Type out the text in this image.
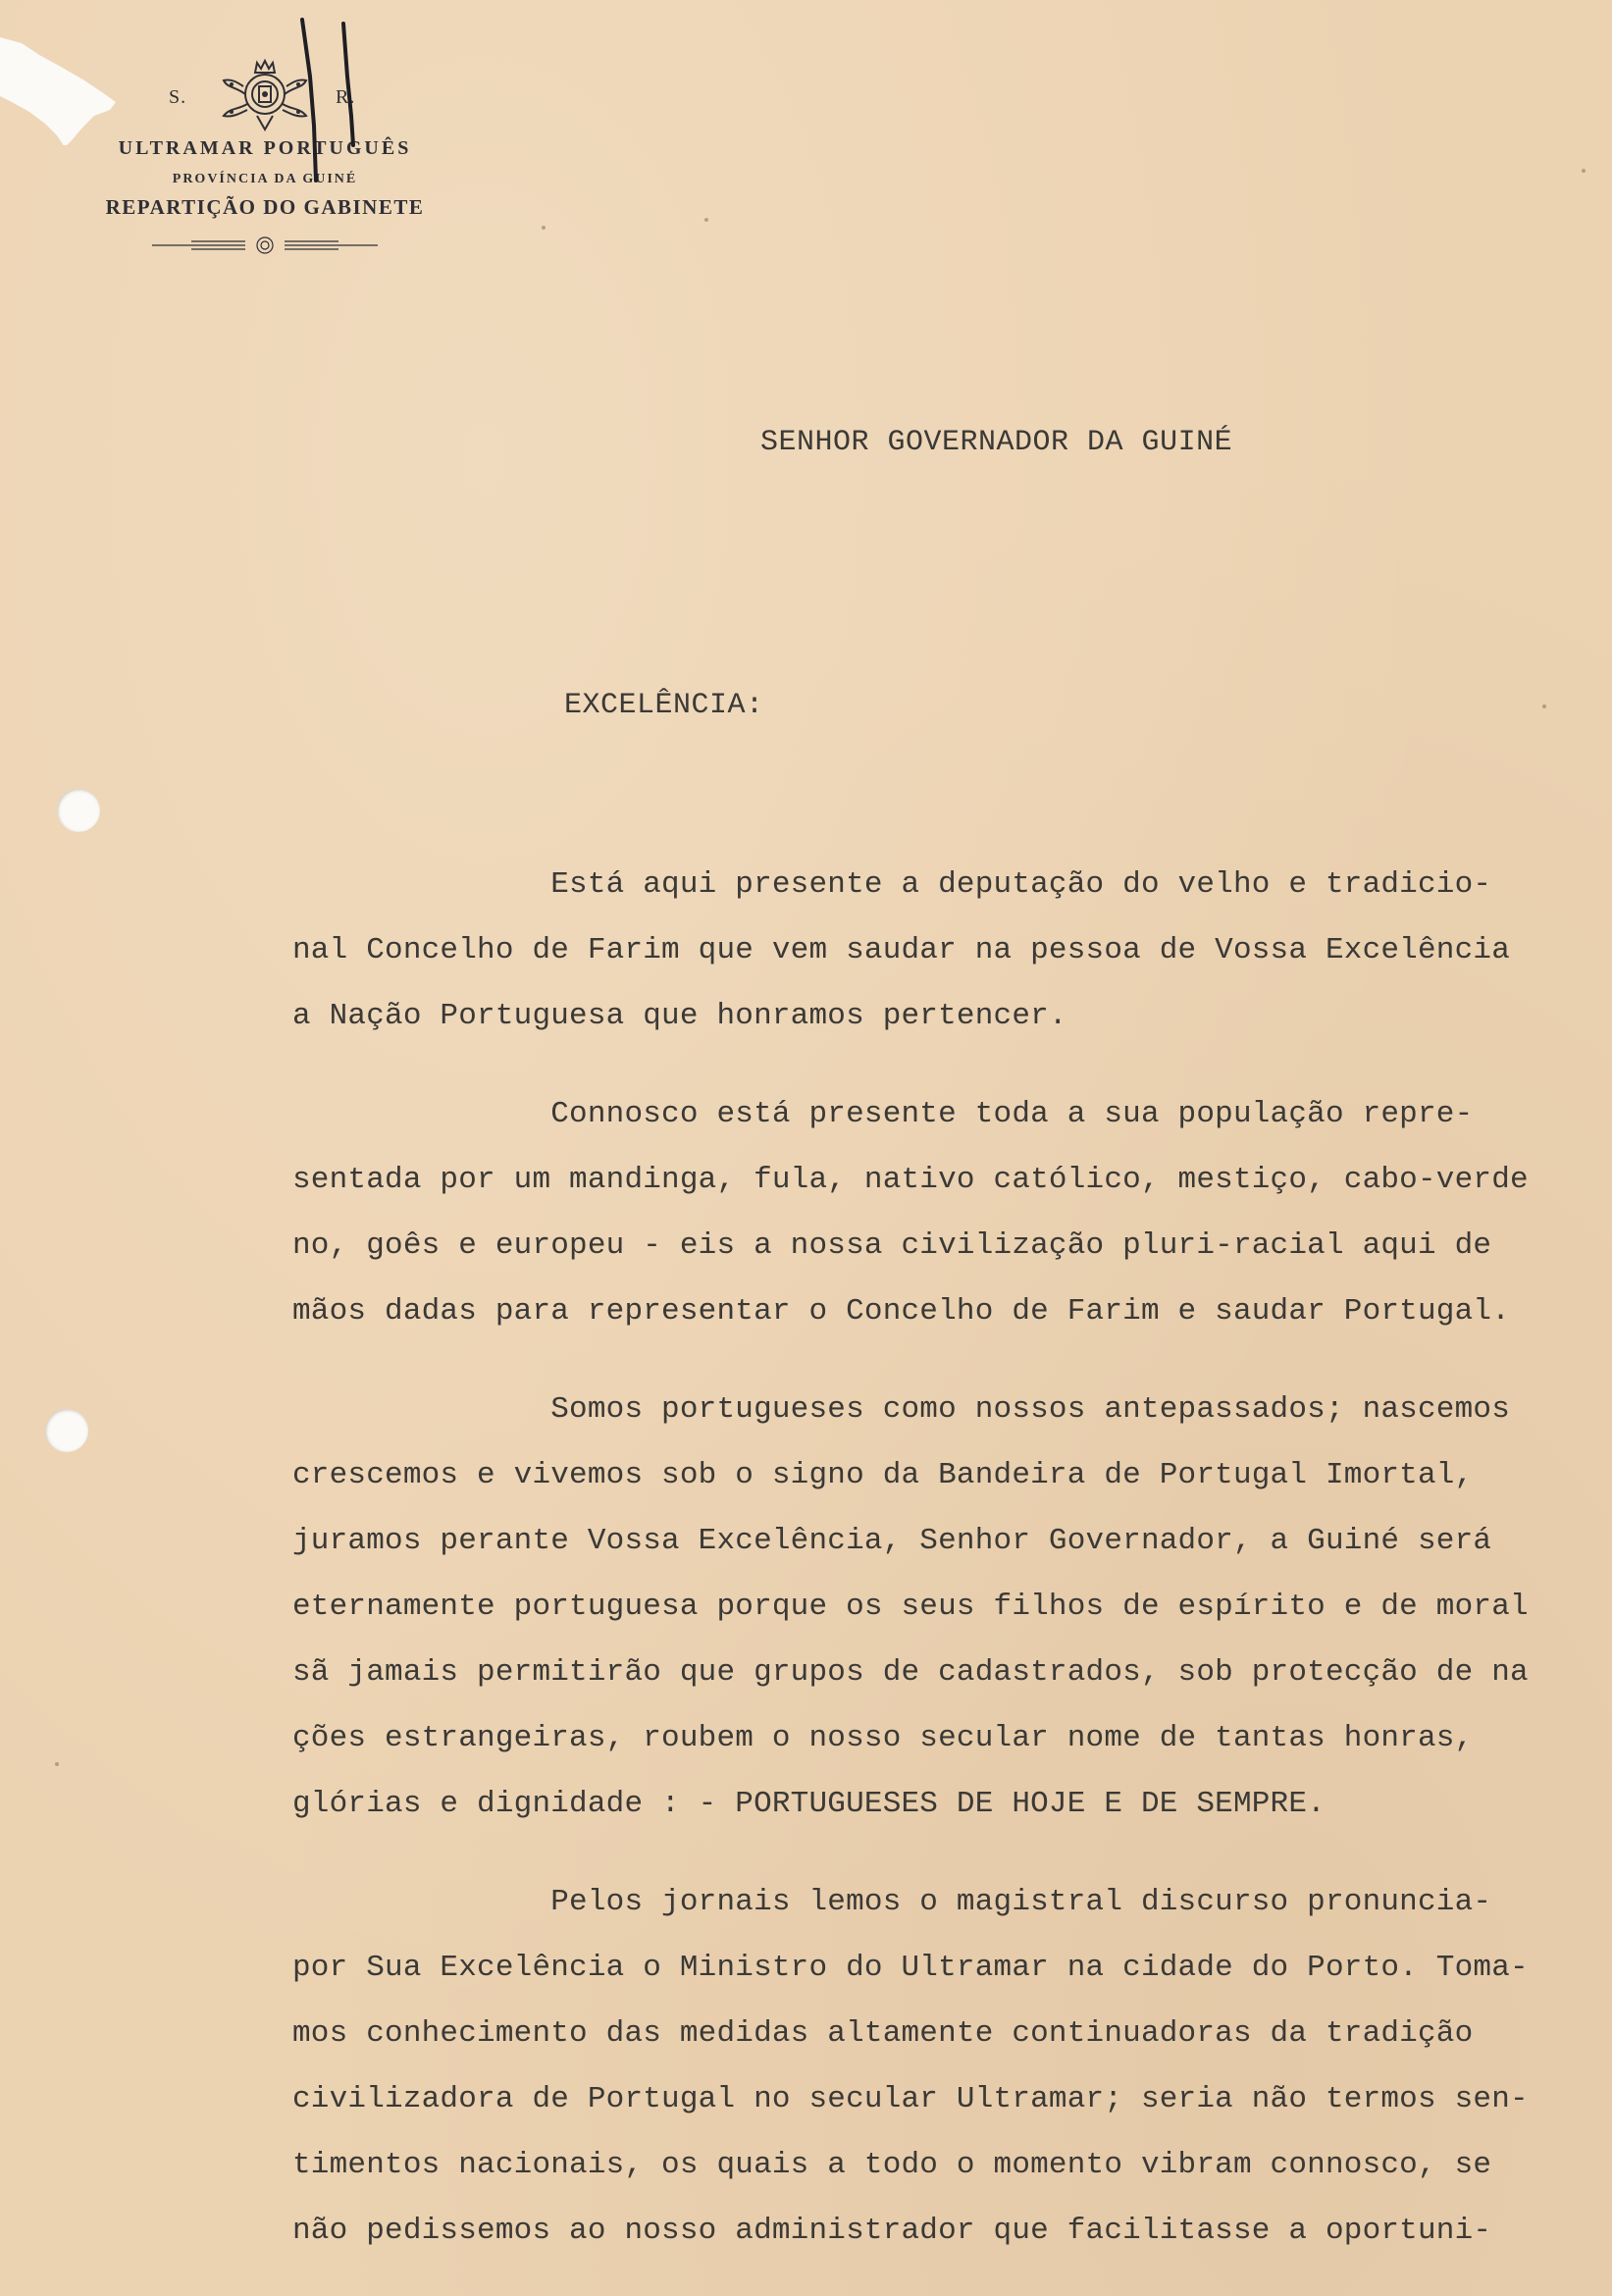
S.	R.
ULTRAMAR PORTUGUÊS
PROVÍNCIA DA GUINÉ
REPARTIÇÃO DO GABINETE
SENHOR GOVERNADOR DA GUINÉ
EXCELÊNCIA:
Está aqui presente a deputação do velho e tradicio-
nal Concelho de Farim que vem saudar na pessoa de Vossa Excelência
a Nação Portuguesa que honramos pertencer.
Connosco está presente toda a sua população repre-
sentada por um mandinga, fula, nativo católico, mestiço, cabo-verde
no, goês e europeu - eis a nossa civilização pluri-racial aqui de
mãos dadas para representar o Concelho de Farim e saudar Portugal.
Somos portugueses como nossos antepassados; nascemos
crescemos e vivemos sob o signo da Bandeira de Portugal Imortal,
juramos perante Vossa Excelência, Senhor Governador, a Guiné será
eternamente portuguesa porque os seus filhos de espírito e de moral
sã jamais permitirão que grupos de cadastrados, sob protecção de na
ções estrangeiras, roubem o nosso secular nome de tantas honras,
glórias e dignidade : - PORTUGUESES DE HOJE E DE SEMPRE.
Pelos jornais lemos o magistral discurso pronuncia-
por Sua Excelência o Ministro do Ultramar na cidade do Porto. Toma-
mos conhecimento das medidas altamente continuadoras da tradição
civilizadora de Portugal no secular Ultramar; seria não termos sen-
timentos nacionais, os quais a todo o momento vibram connosco, se
não pedissemos ao nosso administrador que facilitasse a oportuni-
